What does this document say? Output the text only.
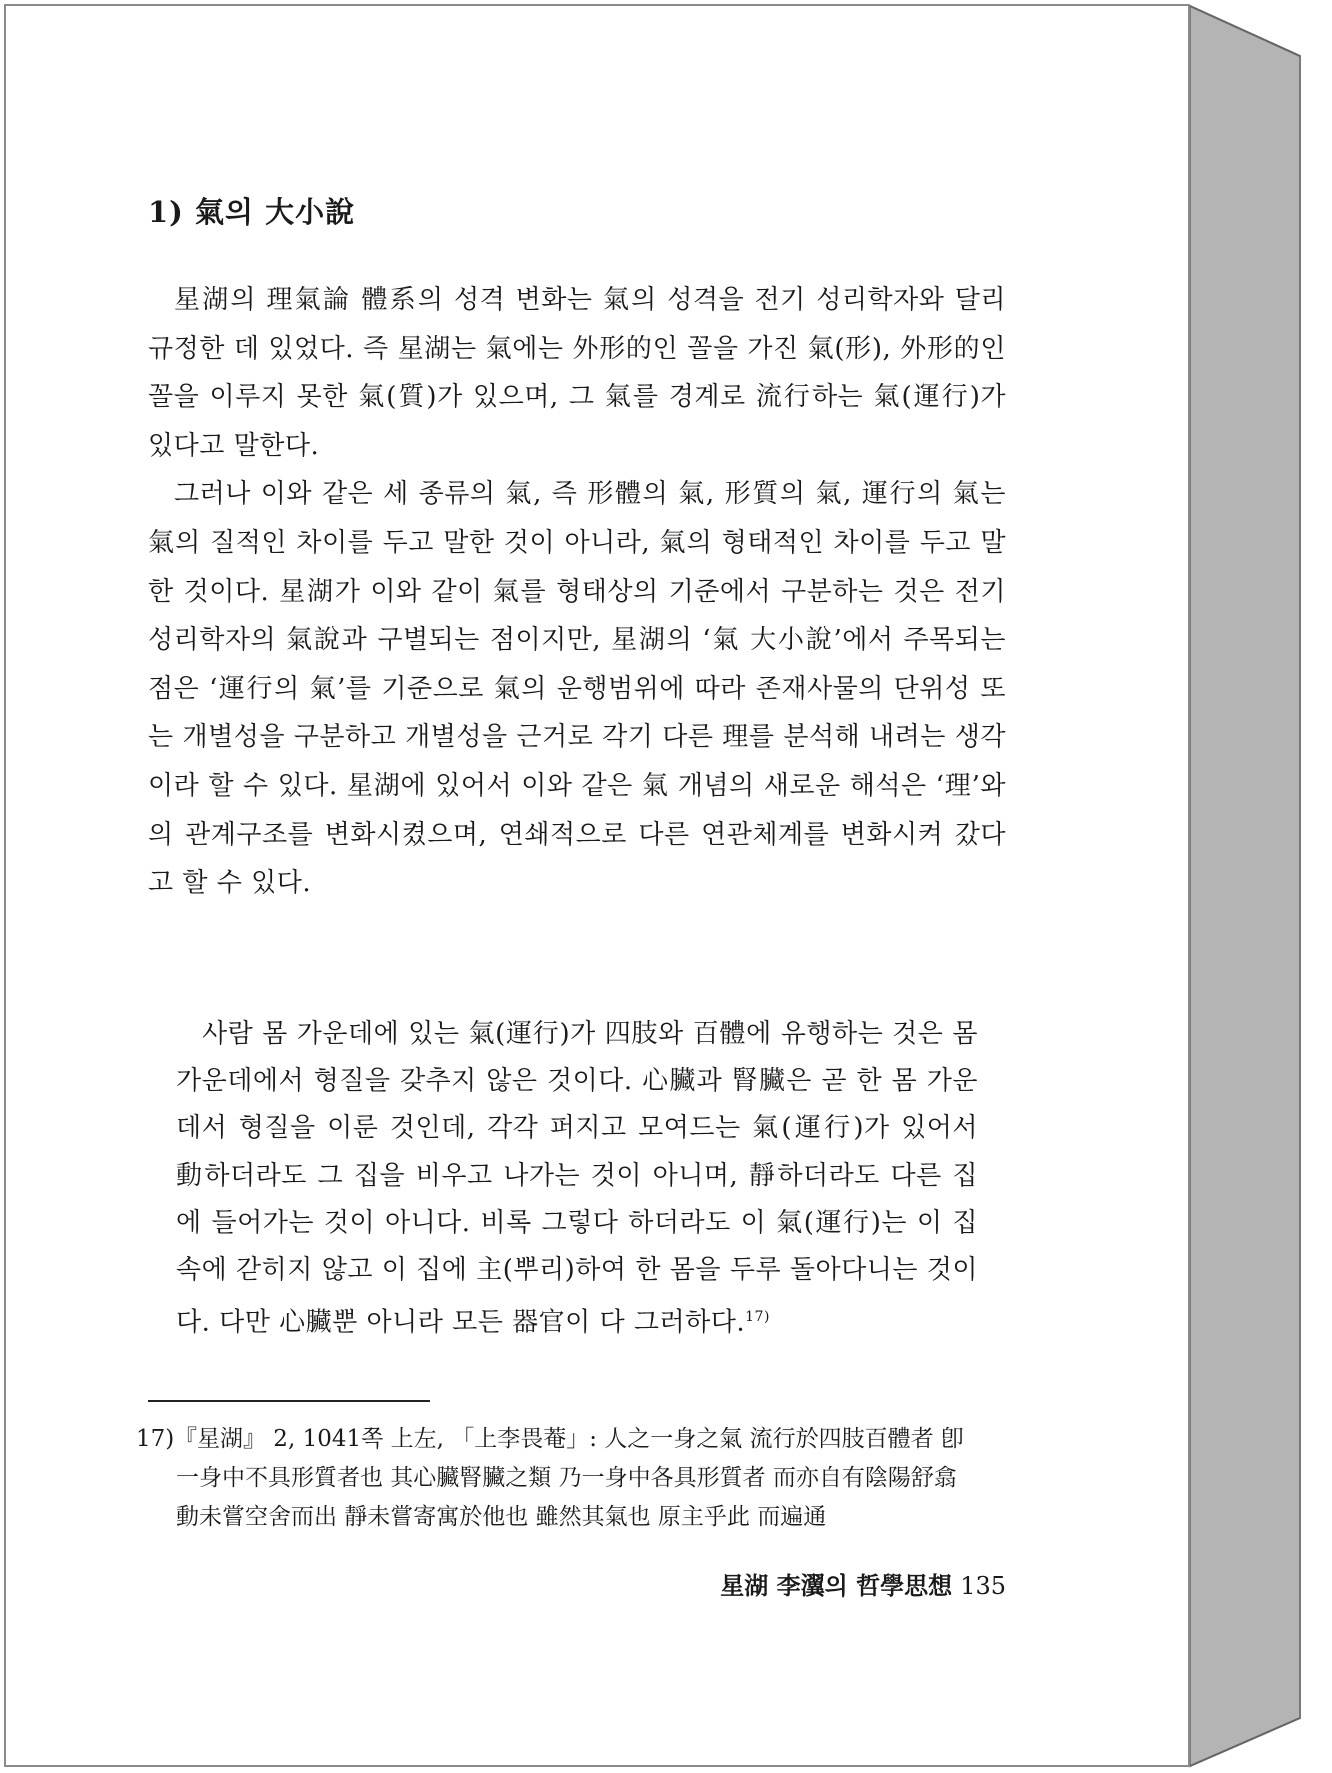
1) 氣의 大小說

星湖의 理氣論 體系의 성격 변화는 氣의 성격을 전기 성리학자와 달리 규정한 데 있었다. 즉 星湖는 氣에는 外形的인 꼴을 가진 氣(形), 外形的인 꼴을 이루지 못한 氣(質)가 있으며, 그 氣를 경계로 流行하는 氣(運行)가 있다고 말한다.

그러나 이와 같은 세 종류의 氣, 즉 形體의 氣, 形質의 氣, 運行의 氣는 氣의 질적인 차이를 두고 말한 것이 아니라, 氣의 형태적인 차이를 두고 말한 것이다. 星湖가 이와 같이 氣를 형태상의 기준에서 구분하는 것은 전기 성리학자의 氣說과 구별되는 점이지만, 星湖의 ‘氣 大小說’에서 주목되는 점은 ‘運行의 氣’를 기준으로 氣의 운행범위에 따라 존재사물의 단위성 또는 개별성을 구분하고 개별성을 근거로 각기 다른 理를 분석해 내려는 생각이라 할 수 있다. 星湖에 있어서 이와 같은 氣 개념의 새로운 해석은 ‘理’와의 관계구조를 변화시켰으며, 연쇄적으로 다른 연관체계를 변화시켜 갔다고 할 수 있다.

사람 몸 가운데에 있는 氣(運行)가 四肢와 百體에 유행하는 것은 몸 가운데에서 형질을 갖추지 않은 것이다. 心臟과 腎臟은 곧 한 몸 가운데서 형질을 이룬 것인데, 각각 퍼지고 모여드는 氣(運行)가 있어서 動하더라도 그 집을 비우고 나가는 것이 아니며, 靜하더라도 다른 집에 들어가는 것이 아니다. 비록 그렇다 하더라도 이 氣(運行)는 이 집 속에 갇히지 않고 이 집에 主(뿌리)하여 한 몸을 두루 돌아다니는 것이다. 다만 心臟뿐 아니라 모든 器官이 다 그러하다.$^{17)}$

17)『星湖』 2, 1041쪽 上左, 「上李畏菴」: 人之一身之氣 流行於四肢百體者 卽一身中不具形質者也 其心臟腎臟之類 乃一身中各具形質者 而亦自有陰陽舒翕 動未嘗空舍而出 靜未嘗寄寓於他也 雖然其氣也 原主乎此 而遍通

星湖 李瀷의 哲學思想 135
